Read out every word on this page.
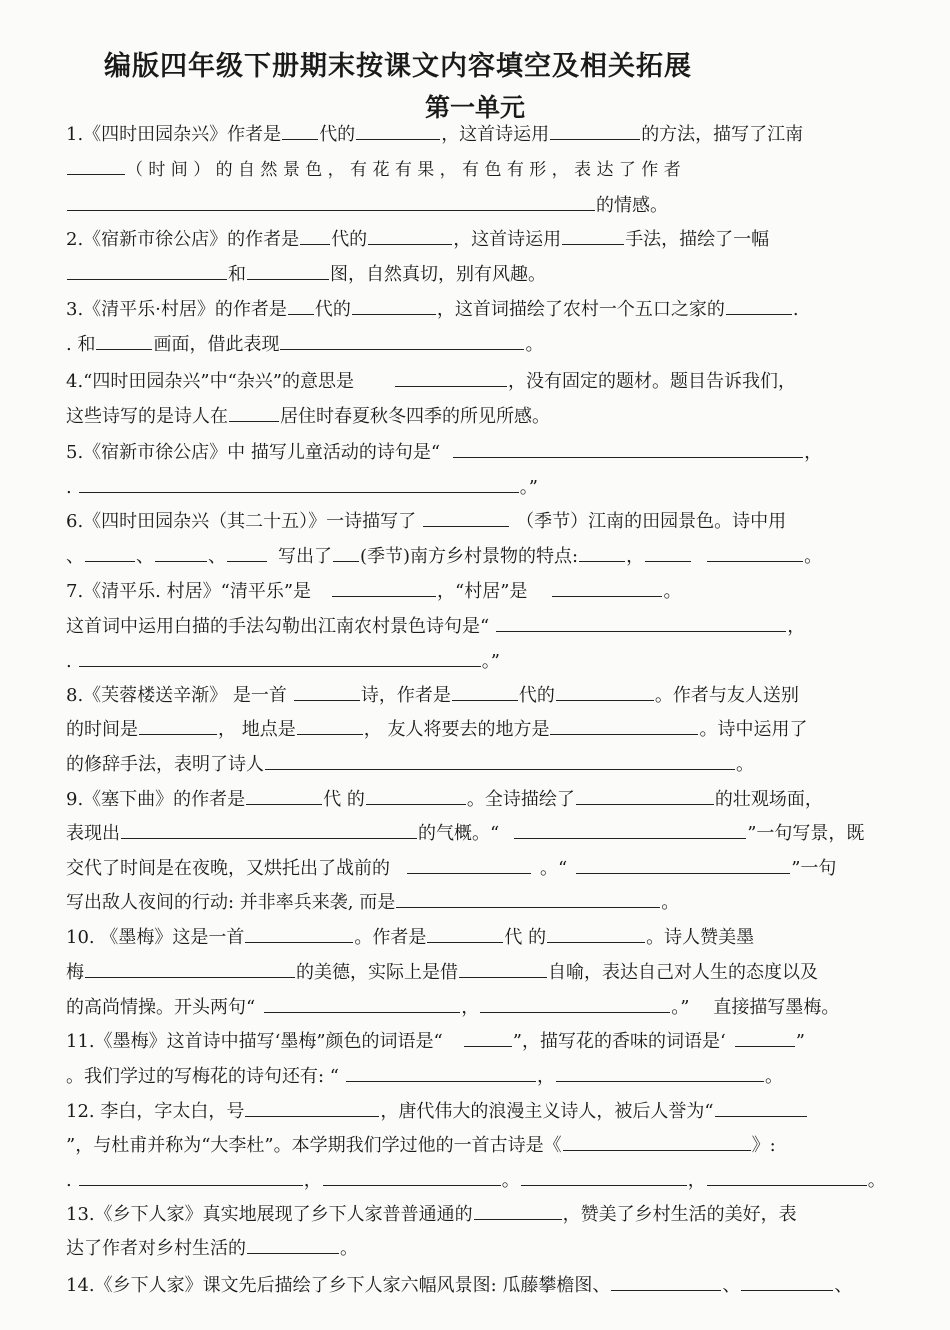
编版四年级下册期末按课文内容填空及相关拓展
第一单元
1.《四时田园杂兴》作者是 代的	，这首诗运用	的方法，描写了江南
（ 时 间 ） 的 自 然 景 色 ， 有 花 有 果 ， 有 色 有 形 ， 表 达 了 作 者
的情感。
2.《宿新市徐公店》的作者是 代的	，这首诗运用	手法，描绘了一幅
和	图，自然真切，别有风趣。
3.《清平乐·村居》的作者是 代的	，这首词描绘了农村一个五口之家的	.
. 和	画面，借此表现	。
4.“四时田园杂兴”中“杂兴”的意思是	，没有固定的题材。题目告诉我们，
这些诗写的是诗人在	居住时春夏秋冬四季的所见所感。
5.《宿新市徐公店》中 描写儿童活动的诗句是“	，
.	。”
6.《四时田园杂兴（其二十五）》一诗描写了	（季节）江南的田园景色。诗中用
、	、	、	写出了 (季节)南方乡村景物的特点:	，	。
7.《清平乐. 村居》“清平乐”是	，“村居”是	。
这首词中运用白描的手法勾勒出江南农村景色诗句是“	，
.	。”
8.《芙蓉楼送辛渐》 是一首	诗，作者是	代的	。作者与友人送别
的时间是	， 地点是	， 友人将要去的地方是	。诗中运用了
的修辞手法，表明了诗人	。
9.《塞下曲》的作者是	代 的	。全诗描绘了	的壮观场面，
表现出	的气概。“	”一句写景，既
交代了时间是在夜晚，又烘托出了战前的	。“	”一句
写出敌人夜间的行动: 并非率兵来袭, 而是	。
10. 《墨梅》这是一首	。作者是	代 的	。诗人赞美墨
梅	的美德，实际上是借	自喻，表达自己对人生的态度以及
的高尚情操。开头两句“	，	。” 直接描写墨梅。
11.《墨梅》这首诗中描写‘墨梅”颜色的词语是“	”，描写花的香味的词语是‘	”
。我们学过的写梅花的诗句还有: “	，	。
12. 李白，字太白，号	，唐代伟大的浪漫主义诗人，被后人誉为“
”，与杜甫并称为“大李杜”。本学期我们学过他的一首古诗是《	》:
.	，	。	，	。
13.《乡下人家》真实地展现了乡下人家普普通通的	，赞美了乡村生活的美好，表
达了作者对乡村生活的	。
14.《乡下人家》课文先后描绘了乡下人家六幅风景图: 瓜藤攀檐图、	、	、
